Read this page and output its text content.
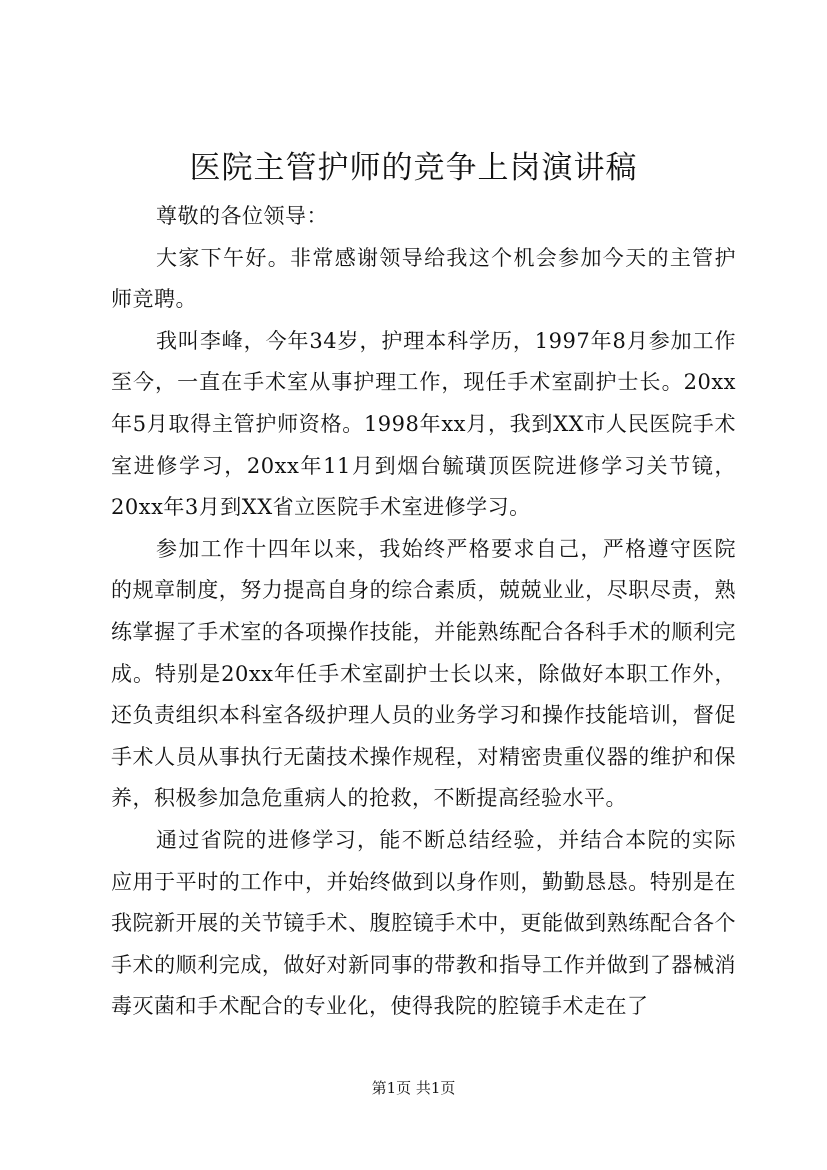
医院主管护师的竞争上岗演讲稿

尊敬的各位领导：

大家下午好。非常感谢领导给我这个机会参加今天的主管护师竞聘。

我叫李峰，今年34岁，护理本科学历，1997年8月参加工作至今，一直在手术室从事护理工作，现任手术室副护士长。20xx年5月取得主管护师资格。1998年xx月，我到XX市人民医院手术室进修学习，20xx年11月到烟台毓璜顶医院进修学习关节镜，20xx年3月到XX省立医院手术室进修学习。

参加工作十四年以来，我始终严格要求自己，严格遵守医院的规章制度，努力提高自身的综合素质，兢兢业业，尽职尽责，熟练掌握了手术室的各项操作技能，并能熟练配合各科手术的顺利完成。特别是20xx年任手术室副护士长以来，除做好本职工作外，还负责组织本科室各级护理人员的业务学习和操作技能培训，督促手术人员从事执行无菌技术操作规程，对精密贵重仪器的维护和保养，积极参加急危重病人的抢救，不断提高经验水平。

通过省院的进修学习，能不断总结经验，并结合本院的实际应用于平时的工作中，并始终做到以身作则，勤勤恳恳。特别是在我院新开展的关节镜手术、腹腔镜手术中，更能做到熟练配合各个手术的顺利完成，做好对新同事的带教和指导工作并做到了器械消毒灭菌和手术配合的专业化，使得我院的腔镜手术走在了

第1页 共1页
